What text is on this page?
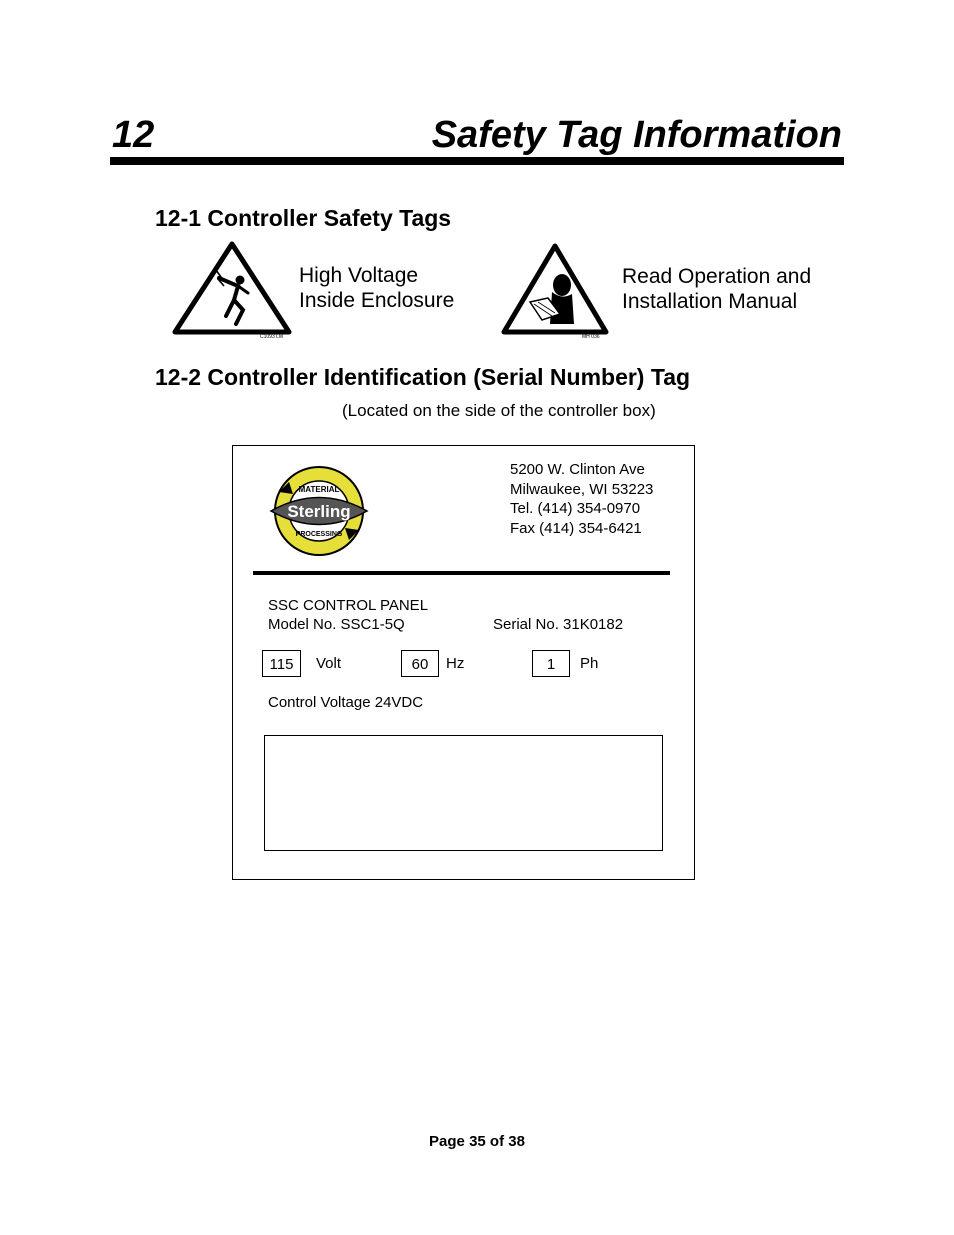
12	Safety Tag Information
12-1 Controller Safety Tags
C1093 LM
High Voltage
Inside Enclosure
MH 036
Read Operation and
Installation Manual
12-2 Controller Identification (Serial Number) Tag
(Located on the side of the controller box)
Sterling
MATERIAL
PROCESSING
5200 W. Clinton Ave
Milwaukee, WI 53223
Tel. (414) 354-0970
Fax (414) 354-6421
SSC CONTROL PANEL
Model No. SSC1-5Q	Serial No. 31K0182
115	Volt	60	Hz	1	Ph
Control Voltage 24VDC
Page 35 of 38
